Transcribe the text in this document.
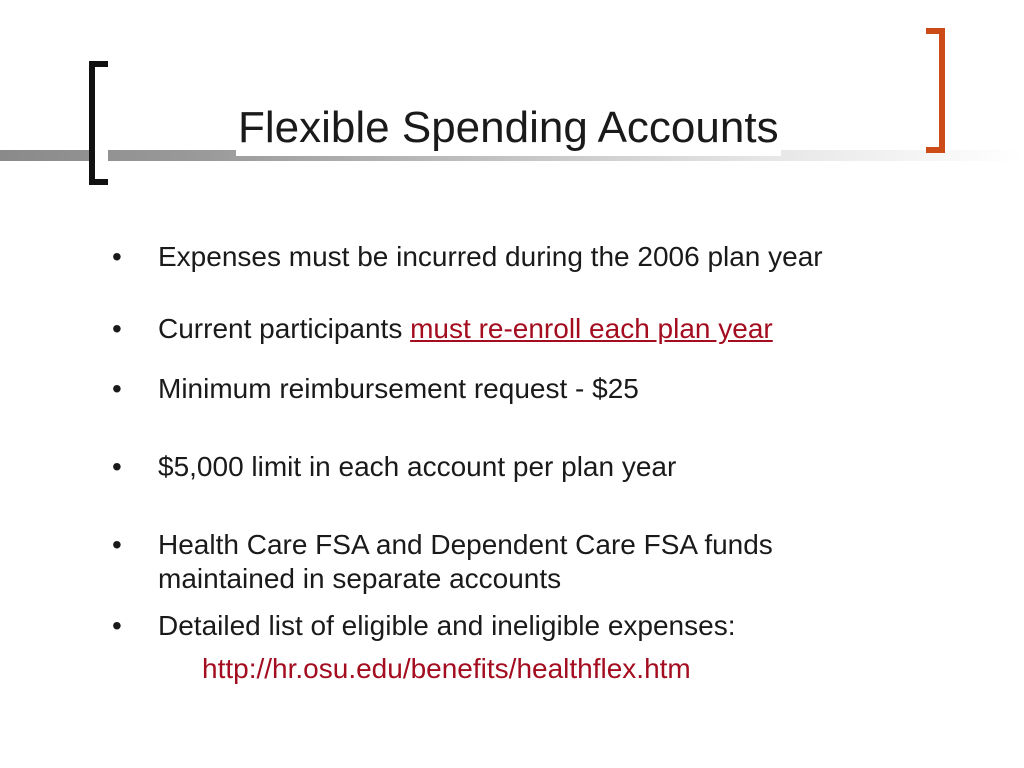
Flexible Spending Accounts
• Expenses must be incurred during the 2006 plan year
• Current participants must re-enroll each plan year
• Minimum reimbursement request - $25
• $5,000 limit in each account per plan year
• Health Care FSA and Dependent Care FSA funds
maintained in separate accounts
• Detailed list of eligible and ineligible expenses:
http://hr.osu.edu/benefits/healthflex.htm
